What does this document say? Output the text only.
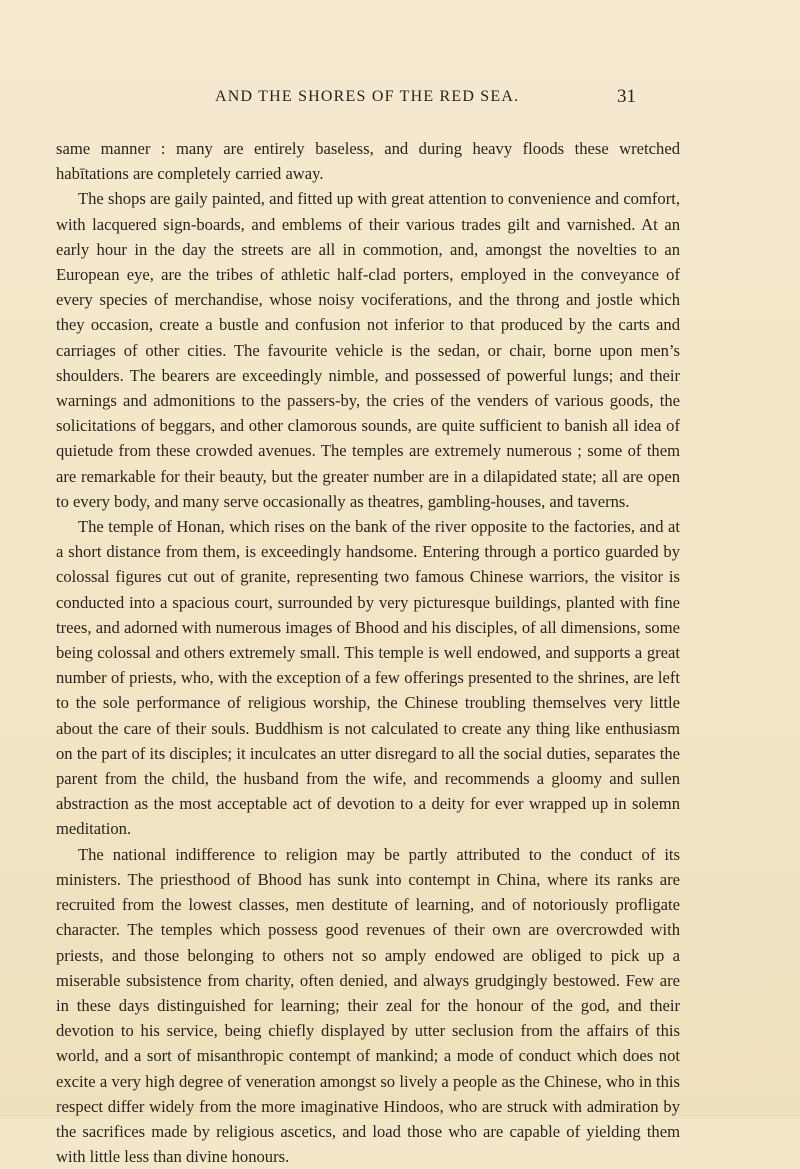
AND THE SHORES OF THE RED SEA.	31

same manner : many are entirely baseless, and during heavy floods these wretched habītations are completely carried away.

The shops are gaily painted, and fitted up with great attention to convenience and comfort, with lacquered sign-boards, and emblems of their various trades gilt and varnished. At an early hour in the day the streets are all in commotion, and, amongst the novelties to an European eye, are the tribes of athletic half-clad porters, employed in the conveyance of every species of merchandise, whose noisy vociferations, and the throng and jostle which they occasion, create a bustle and confusion not inferior to that produced by the carts and carriages of other cities. The favourite vehicle is the sedan, or chair, borne upon men’s shoulders. The bearers are exceedingly nimble, and possessed of powerful lungs; and their warnings and admonitions to the passers-by, the cries of the venders of various goods, the solicitations of beggars, and other clamorous sounds, are quite sufficient to banish all idea of quietude from these crowded avenues. The temples are extremely numerous ; some of them are remarkable for their beauty, but the greater number are in a dilapidated state; all are open to every body, and many serve occasionally as theatres, gambling-houses, and taverns.

The temple of Honan, which rises on the bank of the river opposite to the factories, and at a short distance from them, is exceedingly handsome. Entering through a portico guarded by colossal figures cut out of granite, representing two famous Chinese warriors, the visitor is conducted into a spacious court, surrounded by very picturesque buildings, planted with fine trees, and adorned with numerous images of Bhood and his disciples, of all dimensions, some being colossal and others extremely small. This temple is well endowed, and supports a great number of priests, who, with the exception of a few offerings presented to the shrines, are left to the sole performance of religious worship, the Chinese troubling themselves very little about the care of their souls. Buddhism is not calculated to create any thing like enthusiasm on the part of its disciples; it inculcates an utter disregard to all the social duties, separates the parent from the child, the husband from the wife, and recommends a gloomy and sullen abstraction as the most acceptable act of devotion to a deity for ever wrapped up in solemn meditation.

The national indifference to religion may be partly attributed to the conduct of its ministers. The priesthood of Bhood has sunk into contempt in China, where its ranks are recruited from the lowest classes, men destitute of learning, and of notoriously profligate character. The temples which possess good revenues of their own are overcrowded with priests, and those belonging to others not so amply endowed are obliged to pick up a miserable subsistence from charity, often denied, and always grudgingly bestowed. Few are in these days distinguished for learning; their zeal for the honour of the god, and their devotion to his service, being chiefly displayed by utter seclusion from the affairs of this world, and a sort of misanthropic contempt of mankind; a mode of conduct which does not excite a very high degree of veneration amongst so lively a people as the Chinese, who in this respect differ widely from the more imaginative Hindoos, who are struck with admiration by the sacrifices made by religious ascetics, and load those who are capable of yielding them with little less than divine honours.
